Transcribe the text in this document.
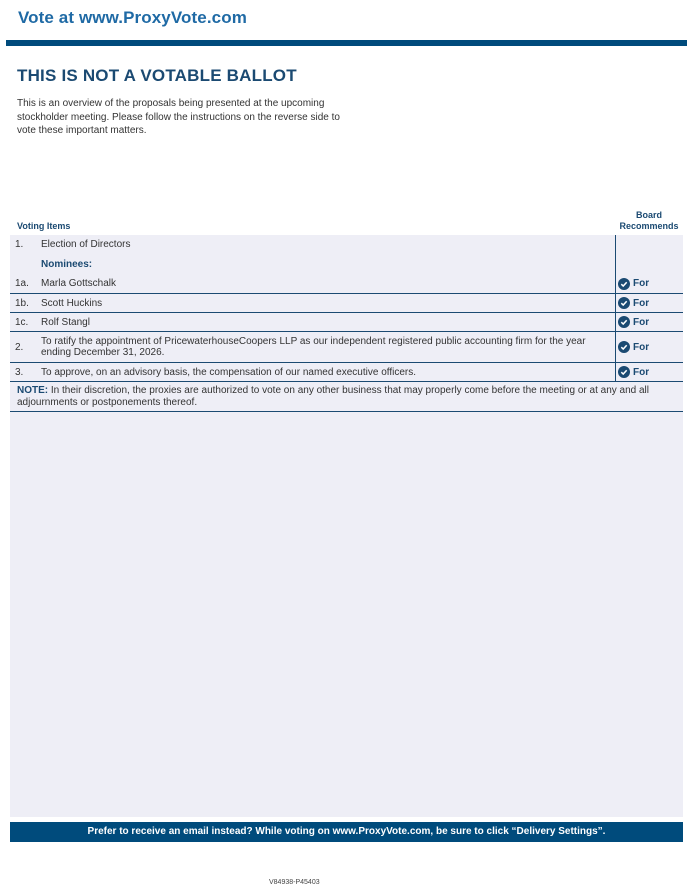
Vote at www.ProxyVote.com
THIS IS NOT A VOTABLE BALLOT
This is an overview of the proposals being presented at the upcoming stockholder meeting. Please follow the instructions on the reverse side to vote these important matters.
Voting Items
Board
Recommends
1.	Election of Directors
Nominees:
1a.	Marla Gottschalk	For
1b.	Scott Huckins	For
1c.	Rolf Stangl	For
2.	To ratify the appointment of PricewaterhouseCoopers LLP as our independent registered public accounting firm for the year ending December 31, 2026.	For
3.	To approve, on an advisory basis, the compensation of our named executive officers.	For
NOTE: In their discretion, the proxies are authorized to vote on any other business that may properly come before the meeting or at any and all adjournments or postponements thereof.
Prefer to receive an email instead? While voting on www.ProxyVote.com, be sure to click “Delivery Settings”.
V84938-P45403
